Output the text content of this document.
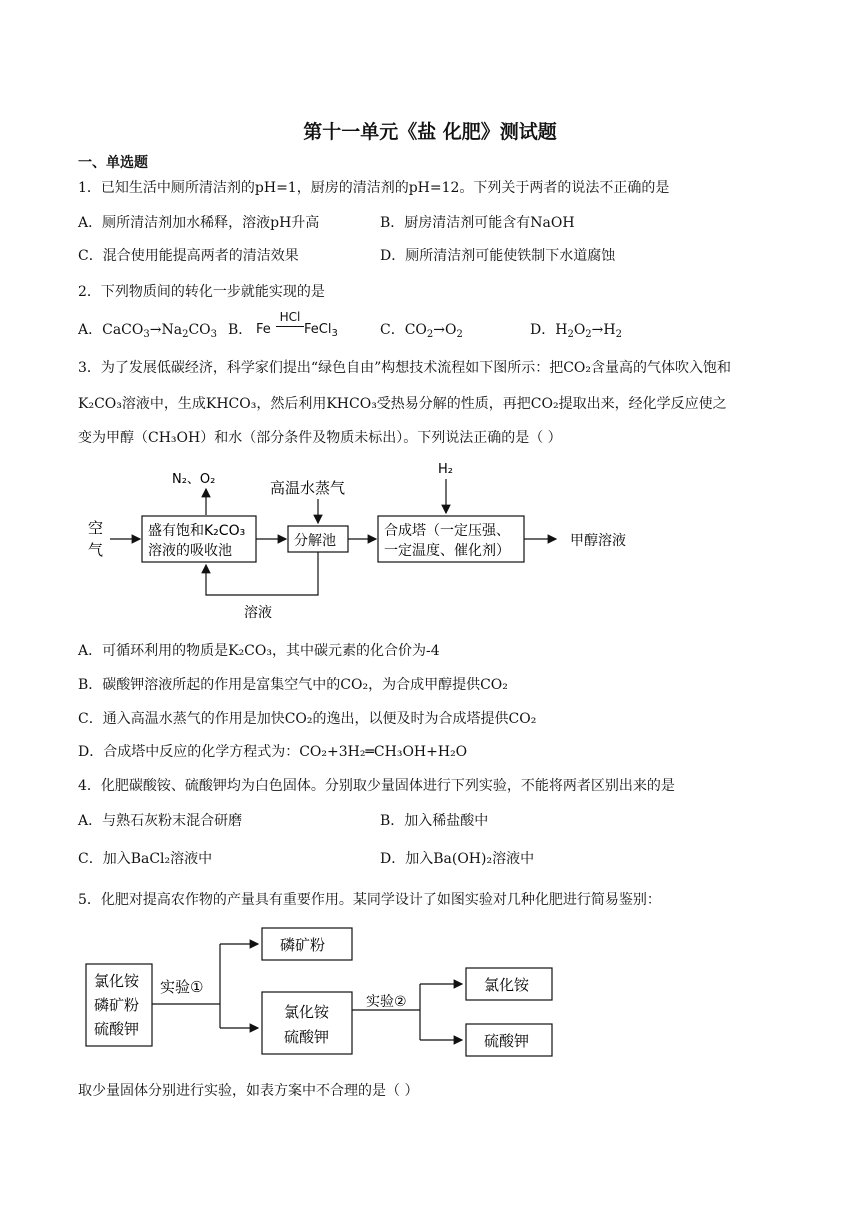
第十一单元《盐 化肥》测试题
一、单选题
1．已知生活中厕所清洁剂的pH=1，厨房的清洁剂的pH=12。下列关于两者的说法不正确的是
A．厕所清洁剂加水稀释，溶液pH升高	B．厨房清洁剂可能含有NaOH
C．混合使用能提高两者的清洁效果	D．厕所清洁剂可能使铁制下水道腐蚀
2．下列物质间的转化一步就能实现的是
A．$CaCO_3\to Na_2CO_3$ B． Fe
HCl
FeCl$_3$	C．$CO_2\to O_2$	D．$H_2O_2\to H_2$
3．为了发展低碳经济，科学家们提出“绿色自由”构想技术流程如下图所示：把CO₂含量高的气体吹入饱和
K₂CO₃溶液中，生成KHCO₃，然后利用KHCO₃受热易分解的性质，再把CO₂提取出来，经化学反应使之
变为甲醇（CH₃OH）和水（部分条件及物质未标出）。下列说法正确的是（ ）
空
气
盛有饱和K₂CO₃
溶液的吸收池
N₂、O₂
分解池
高温水蒸气
合成塔（一定压强、
一定温度、催化剂）
H₂
甲醇溶液
溶液
A．可循环利用的物质是K₂CO₃，其中碳元素的化合价为-4
B．碳酸钾溶液所起的作用是富集空气中的CO₂，为合成甲醇提供CO₂
C．通入高温水蒸气的作用是加快CO₂的逸出，以便及时为合成塔提供CO₂
D．合成塔中反应的化学方程式为：CO₂+3H₂═CH₃OH+H₂O
4．化肥碳酸铵、硫酸钾均为白色固体。分别取少量固体进行下列实验，不能将两者区别出来的是
A．与熟石灰粉末混合研磨	B．加入稀盐酸中
C．加入BaCl₂溶液中	D．加入Ba(OH)₂溶液中
5．化肥对提高农作物的产量具有重要作用。某同学设计了如图实验对几种化肥进行简易鉴别：
氯化铵
磷矿粉
硫酸钾
实验①
磷矿粉
氯化铵
硫酸钾
实验②
氯化铵
硫酸钾
取少量固体分别进行实验，如表方案中不合理的是（ ）
